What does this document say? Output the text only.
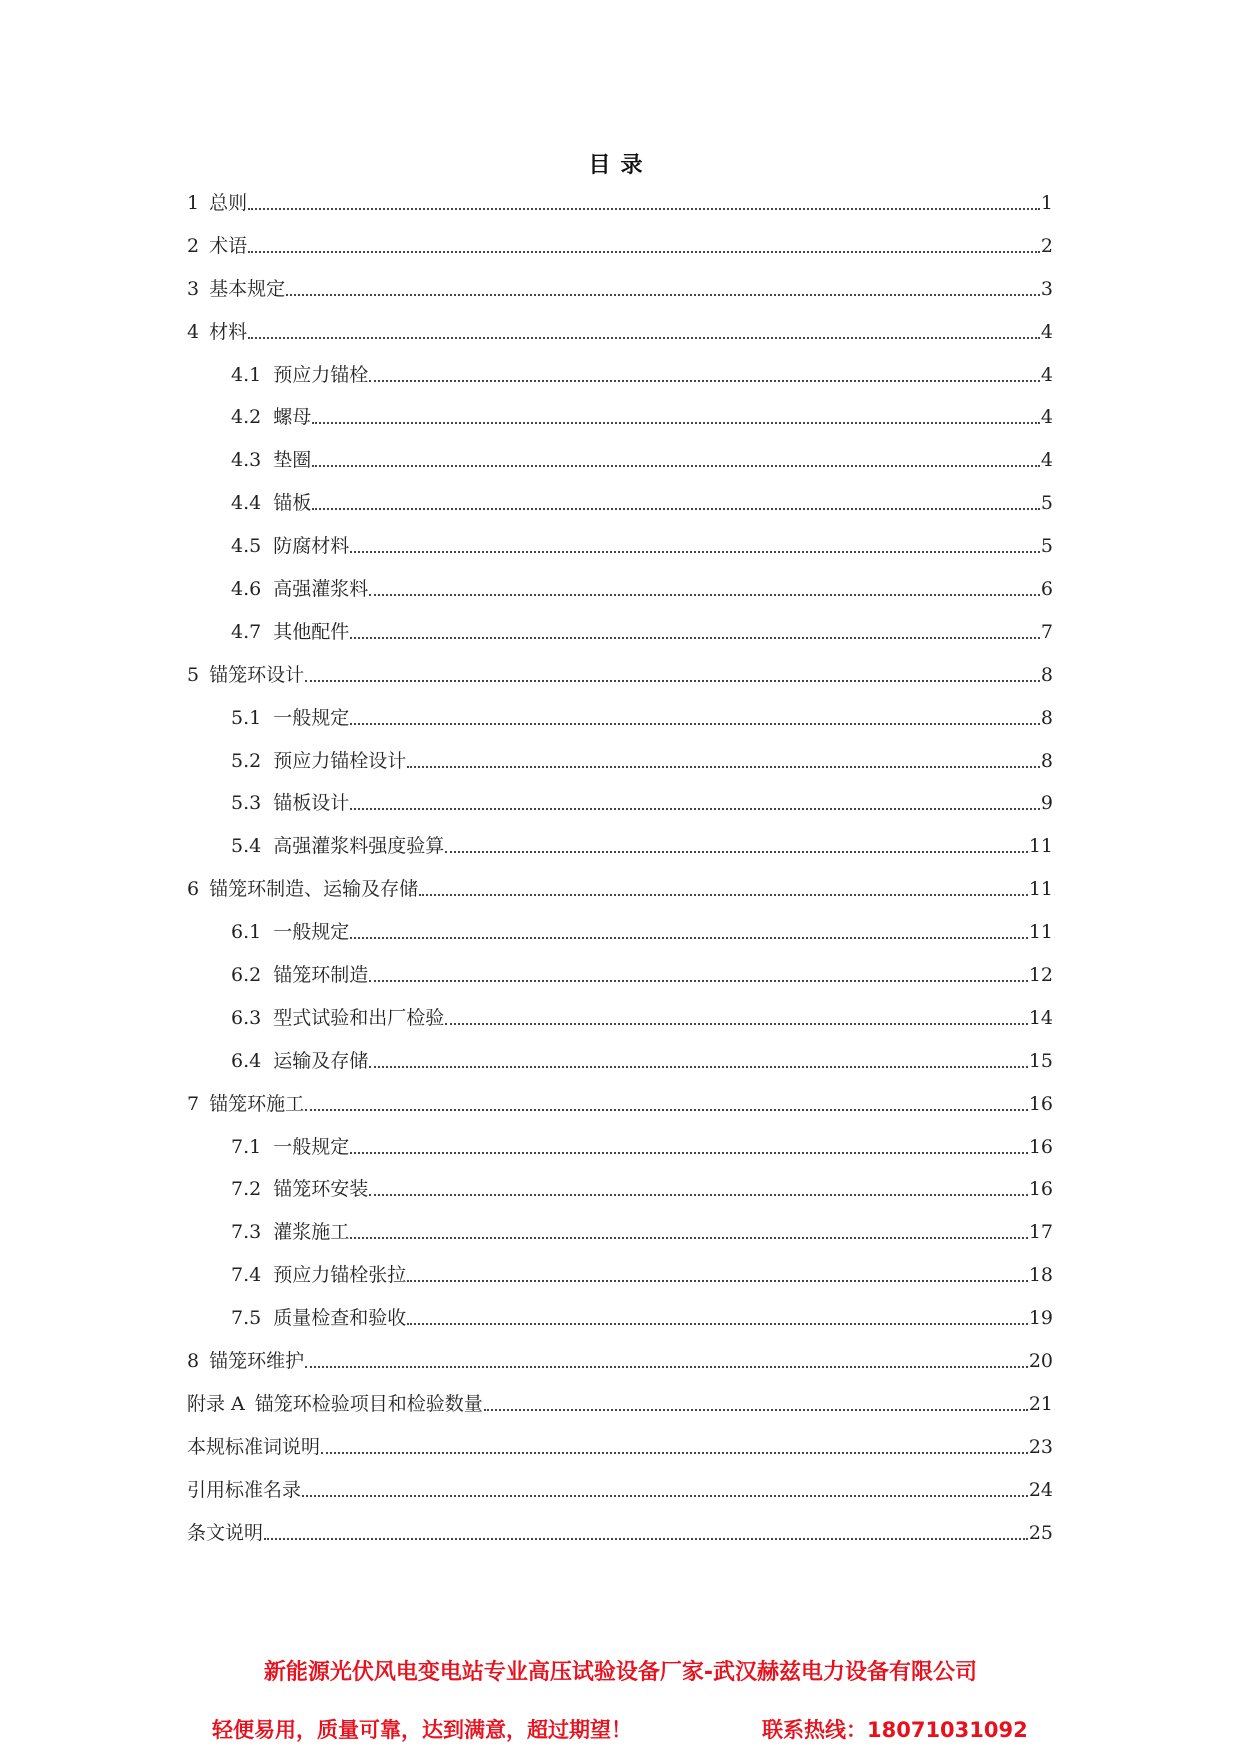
目录
1 总则	1
2 术语	2
3 基本规定	3
4 材料	4
4.1 预应力锚栓	4
4.2 螺母	4
4.3 垫圈	4
4.4 锚板	5
4.5 防腐材料	5
4.6 高强灌浆料	6
4.7 其他配件	7
5 锚笼环设计	8
5.1 一般规定	8
5.2 预应力锚栓设计	8
5.3 锚板设计	9
5.4 高强灌浆料强度验算	11
6 锚笼环制造、运输及存储	11
6.1 一般规定	11
6.2 锚笼环制造	12
6.3 型式试验和出厂检验	14
6.4 运输及存储	15
7 锚笼环施工	16
7.1 一般规定	16
7.2 锚笼环安装	16
7.3 灌浆施工	17
7.4 预应力锚栓张拉	18
7.5 质量检查和验收	19
8 锚笼环维护	20
附录 A 锚笼环检验项目和检验数量	21
本规标准词说明	23
引用标准名录	24
条文说明	25
新能源光伏风电变电站专业高压试验设备厂家-武汉赫兹电力设备有限公司
轻便易用，质量可靠，达到满意，超过期望！	联系热线：18071031092
